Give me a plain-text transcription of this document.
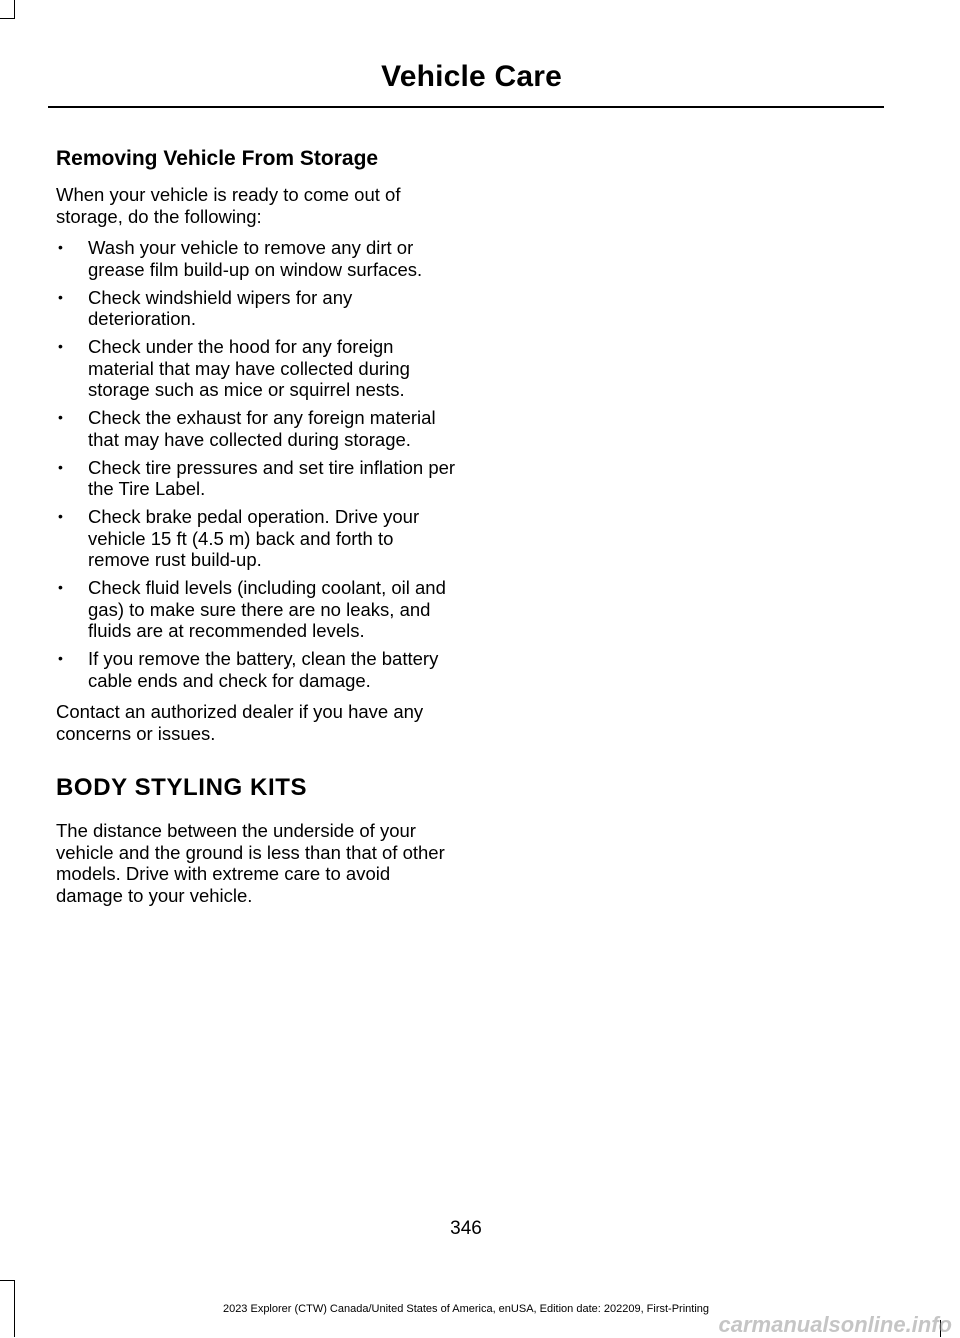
Vehicle Care
Removing Vehicle From Storage

When your vehicle is ready to come out of storage, do the following:

• Wash your vehicle to remove any dirt or grease film build-up on window surfaces.
• Check windshield wipers for any deterioration.
• Check under the hood for any foreign material that may have collected during storage such as mice or squirrel nests.
• Check the exhaust for any foreign material that may have collected during storage.
• Check tire pressures and set tire inflation per the Tire Label.
• Check brake pedal operation. Drive your vehicle 15 ft (4.5 m) back and forth to remove rust build-up.
• Check fluid levels (including coolant, oil and gas) to make sure there are no leaks, and fluids are at recommended levels.
• If you remove the battery, clean the battery cable ends and check for damage.

Contact an authorized dealer if you have any concerns or issues.

BODY STYLING KITS

The distance between the underside of your vehicle and the ground is less than that of other models. Drive with extreme care to avoid damage to your vehicle.

346
2023 Explorer (CTW) Canada/United States of America, enUSA, Edition date: 202209, First-Printing
carmanualsonline.info
